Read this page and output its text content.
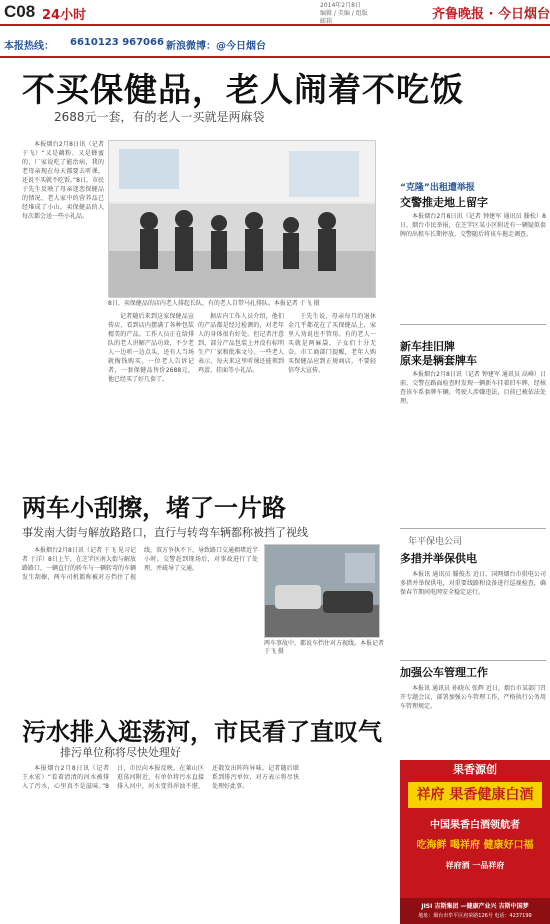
C08 24小时
2014年2月8日
编辑 / 美编 / 组版
邮箱	齐鲁晚报 · 今日烟台
本报热线： 6610123 967066 新浪微博：@今日烟台
不买保健品，老人闹着不吃饭
2688元一套，有的老人一买就是两麻袋

本报烟台2月8日讯（记者 于飞）“又是藕粉、又是蜂蜜的，厂家说吃了能治病，我的老母亲现在每天都要去听课，还说不买就不吃饭。”8日，市民于先生反映了母亲迷恋保健品的情况，老人家中的营养品已经堆成了小山，卖保健品的人每次都会送一些小礼品。

8日，卖保健品的店内老人排起长队，有的老人自带马扎排队。本报记者 于飞 摄

记者随后来到这家保健品宣传店，看到店内摆满了各种包装精美的产品。工作人员正在给排队的老人讲解产品功效，不少老人一边听一边点头，还有人当场就掏钱购买。一位老人告诉记者，一套保健品售价2688元，他已经买了好几套了。

据店内工作人员介绍，他们的产品都是经过检测的，对老年人的身体很有好处。但记者注意到，部分产品包装上并没有标明生产厂家和批准文号。一些老人表示，每天来这里听课还能领到鸡蛋、挂面等小礼品。

于先生说，母亲每月的退休金几乎都花在了买保健品上，家里人劝说也不管用。有的老人一买就是两麻袋，子女们十分无奈。市工商部门提醒，老年人购买保健品应到正规商店，不要轻信夸大宣传。

“克隆”出租遭举报
交警推走地上留字

本报烟台2月8日讯（记者 钟建军 通讯员 滕松）8日，烟台市民举报，在芝罘区某小区附近有一辆疑似套牌的出租车长期停放，交警随后将该车拖走调查。

新车挂旧牌
原来是辆套牌车

本报烟台2月8日讯（记者 钟建军 通讯员 高峰）日前，交警在路面检查时发现一辆新车挂着旧车牌，经核查该车系套牌车辆，驾驶人涉嫌违法，目前已被依法处理。

年平保电公司
多措并举保供电

本报讯 通讯员 滕俊杰 近日，国网烟台市供电公司多措并举保供电，对重要线路和设备进行巡视检查，确保春节期间电网安全稳定运行。

加强公车管理工作

本报讯 通讯员 孙晓东 张辉 近日，烟台市某部门召开专题会议，部署加强公车管理工作，严格执行公务用车管理规定。

两车小刮擦，堵了一片路
事发南大街与解放路路口，直行与转弯车辆都称被挡了视线

本报烟台2月8日讯（记者 于飞 见习记者 于洋）8日上午，在芝罘区南大街与解放路路口，一辆直行的轿车与一辆转弯的车辆发生刮擦，两车司机都称被对方挡住了视线，双方争执不下，导致路口交通拥堵近半小时。交警赶到现场后，对事故进行了处理，并疏导了交通。

两车事故中，都说车挡住对方视线。本报记者 于飞 摄
污水排入逛荡河，市民看了直叹气
排污单位称将尽快处理好

本报烟台2月8日讯（记者 王永宏）“看着清清的河水被排入了污水，心里真不是滋味。”8日，市民向本报反映，在莱山区逛荡河附近，有单位将污水直接排入河中，河水变得浑浊不堪，还散发出阵阵异味。记者随后联系到排污单位，对方表示将尽快处理好此事。

果香源创
祥府 果香健康白酒
中国果香白酒领航者
吃海鲜 喝祥府 健康好口福
祥府酒 一品祥府
JISI 吉斯集团 —健康产业兴 吉斯中国梦
地址：烟台市牟平区府荣路126号 电话：4237199
